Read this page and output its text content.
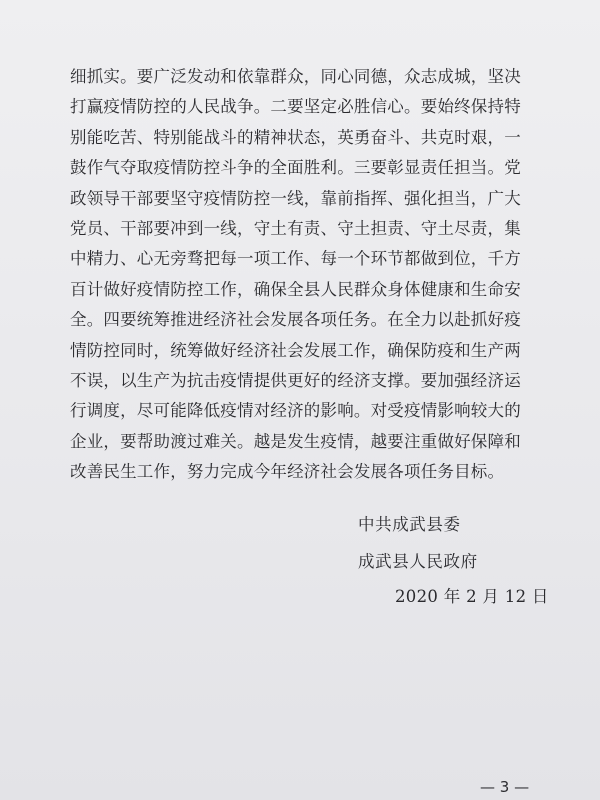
细抓实。要广泛发动和依靠群众，同心同德，众志成城，坚决
打赢疫情防控的人民战争。二要坚定必胜信心。要始终保持特
别能吃苦、特别能战斗的精神状态，英勇奋斗、共克时艰，一
鼓作气夺取疫情防控斗争的全面胜利。三要彰显责任担当。党
政领导干部要坚守疫情防控一线，靠前指挥、强化担当，广大
党员、干部要冲到一线，守土有责、守土担责、守土尽责，集
中精力、心无旁骛把每一项工作、每一个环节都做到位，千方
百计做好疫情防控工作，确保全县人民群众身体健康和生命安
全。四要统筹推进经济社会发展各项任务。在全力以赴抓好疫
情防控同时，统筹做好经济社会发展工作，确保防疫和生产两
不误，以生产为抗击疫情提供更好的经济支撑。要加强经济运
行调度，尽可能降低疫情对经济的影响。对受疫情影响较大的
企业，要帮助渡过难关。越是发生疫情，越要注重做好保障和
改善民生工作，努力完成今年经济社会发展各项任务目标。
中共成武县委
成武县人民政府
2020 年 2 月 12 日
— 3 —
